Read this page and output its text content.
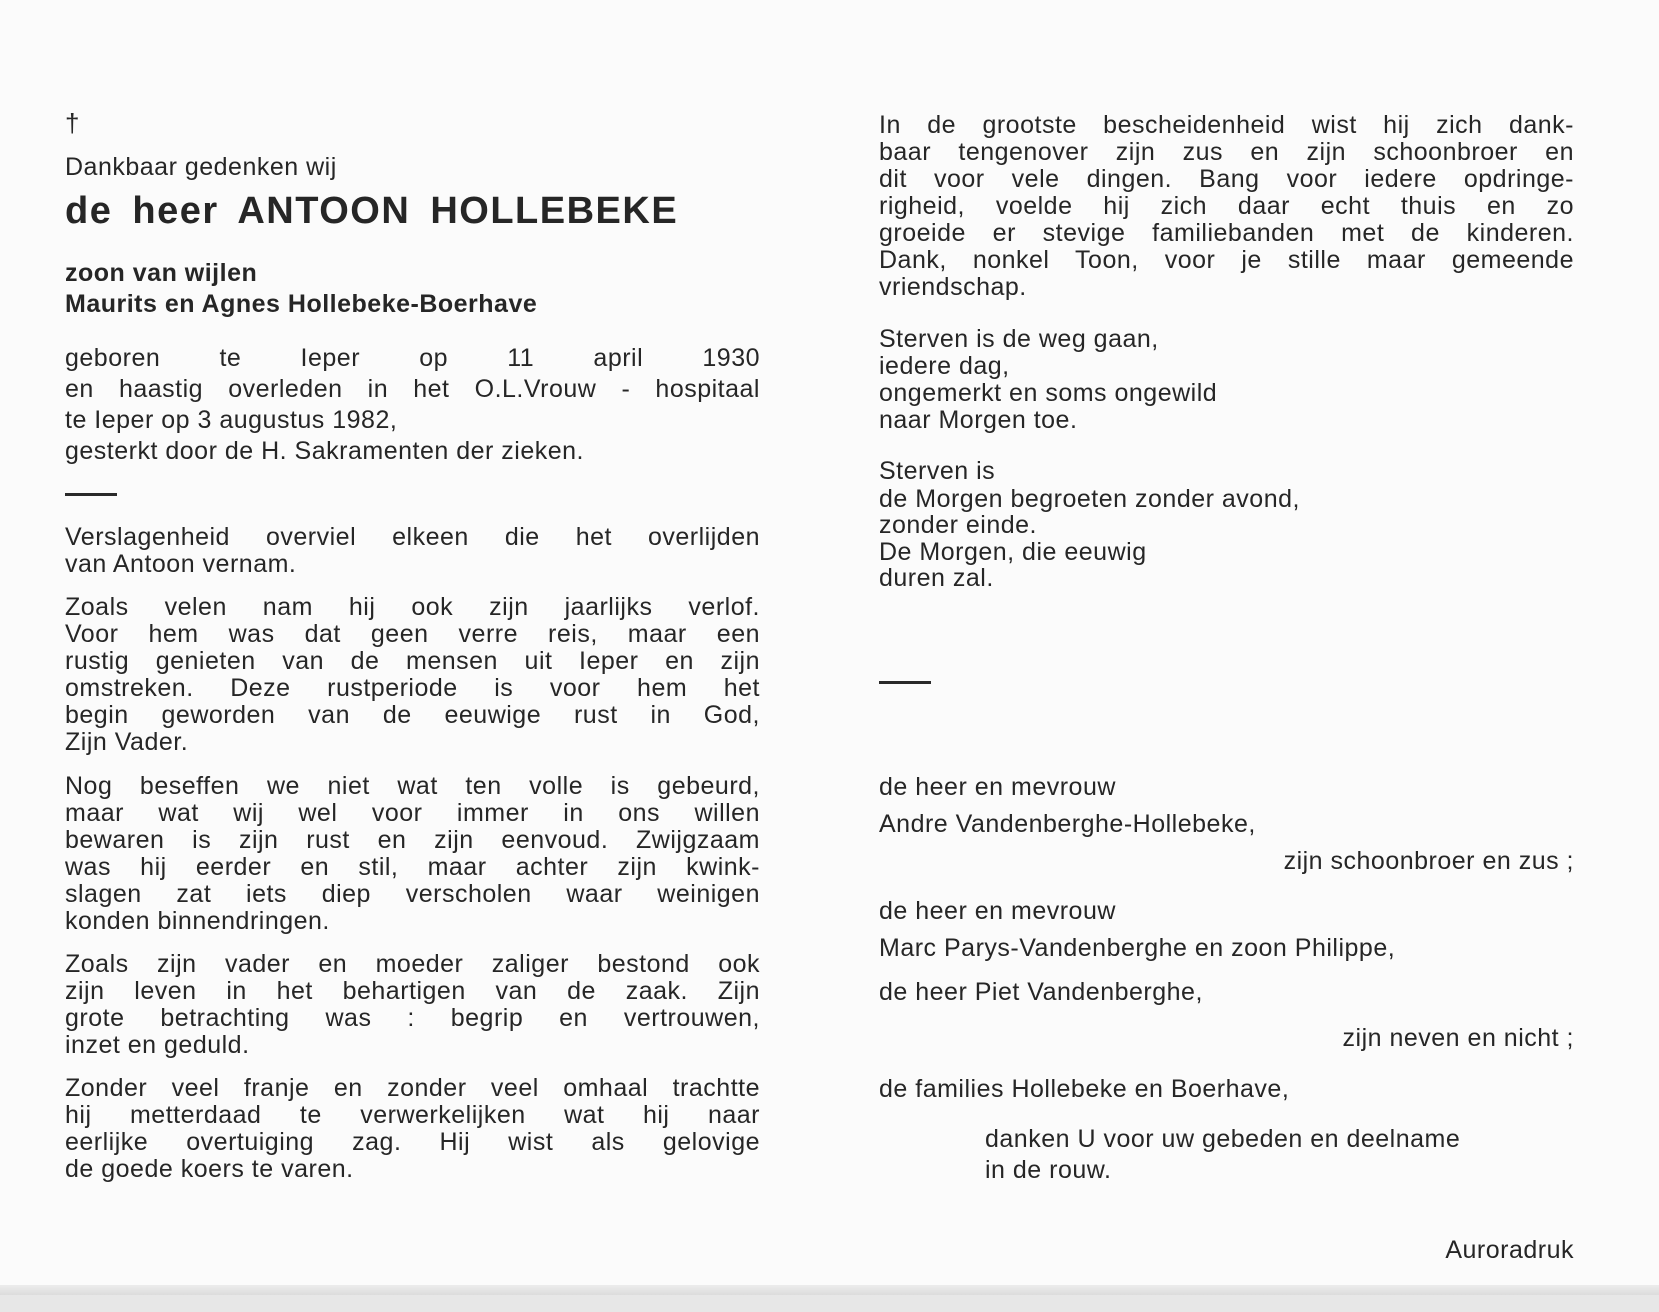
†
Dankbaar gedenken wij
de heer ANTOON HOLLEBEKE
zoon van wijlen
Maurits en Agnes Hollebeke-Boerhave
geboren te Ieper op 11 april 1930
en haastig overleden in het O.L.Vrouw - hospitaal
te Ieper op 3 augustus 1982,
gesterkt door de H. Sakramenten der zieken.
Verslagenheid overviel elkeen die het overlijden
van Antoon vernam.
Zoals velen nam hij ook zijn jaarlijks verlof.
Voor hem was dat geen verre reis, maar een
rustig genieten van de mensen uit Ieper en zijn
omstreken. Deze rustperiode is voor hem het
begin geworden van de eeuwige rust in God,
Zijn Vader.
Nog beseffen we niet wat ten volle is gebeurd,
maar wat wij wel voor immer in ons willen
bewaren is zijn rust en zijn eenvoud. Zwijgzaam
was hij eerder en stil, maar achter zijn kwink-
slagen zat iets diep verscholen waar weinigen
konden binnendringen.
Zoals zijn vader en moeder zaliger bestond ook
zijn leven in het behartigen van de zaak. Zijn
grote betrachting was : begrip en vertrouwen,
inzet en geduld.
Zonder veel franje en zonder veel omhaal trachtte
hij metterdaad te verwerkelijken wat hij naar
eerlijke overtuiging zag. Hij wist als gelovige
de goede koers te varen.
In de grootste bescheidenheid wist hij zich dank-
baar tengenover zijn zus en zijn schoonbroer en
dit voor vele dingen. Bang voor iedere opdringe-
righeid, voelde hij zich daar echt thuis en zo
groeide er stevige familiebanden met de kinderen.
Dank, nonkel Toon, voor je stille maar gemeende
vriendschap.
Sterven is de weg gaan,
iedere dag,
ongemerkt en soms ongewild
naar Morgen toe.
Sterven is
de Morgen begroeten zonder avond,
zonder einde.
De Morgen, die eeuwig
duren zal.
de heer en mevrouw
Andre Vandenberghe-Hollebeke,
zijn schoonbroer en zus ;
de heer en mevrouw
Marc Parys-Vandenberghe en zoon Philippe,
de heer Piet Vandenberghe,
zijn neven en nicht ;
de families Hollebeke en Boerhave,
danken U voor uw gebeden en deelname
in de rouw.
Auroradruk
